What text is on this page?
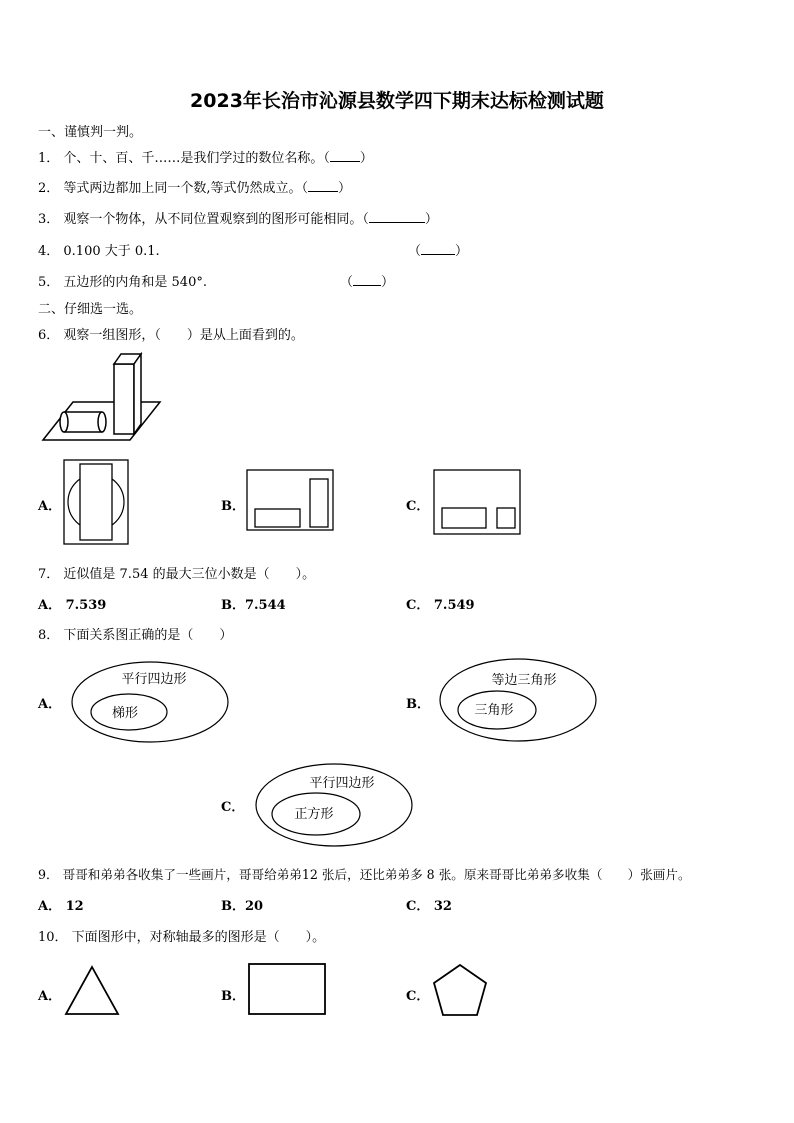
2023年长治市沁源县数学四下期末达标检测试题
一、谨慎判一判。
1． 个、十、百、千……是我们学过的数位名称。（ ）
2． 等式两边都加上同一个数,等式仍然成立。（ ）
3． 观察一个物体，从不同位置观察到的图形可能相同。（	）
4． 0.100 大于 0.1.	（	）
5． 五边形的内角和是 540°.	（ ）
二、仔细选一选。
6． 观察一组图形，（　　）是从上面看到的。
A．	B．	C．
7． 近似值是 7.54 的最大三位小数是（　　）。
A． 7.539	B．7.544	C． 7.549
8． 下面关系图正确的是（　　）
A．
平行四边形
梯形
B．
等边三角形
三角形
C．
平行四边形
正方形
9． 哥哥和弟弟各收集了一些画片，哥哥给弟弟12 张后，还比弟弟多 8 张。原来哥哥比弟弟多收集（　　）张画片。
A． 12	B．20	C． 32
10． 下面图形中，对称轴最多的图形是（　　）。
A．	B．	C．
